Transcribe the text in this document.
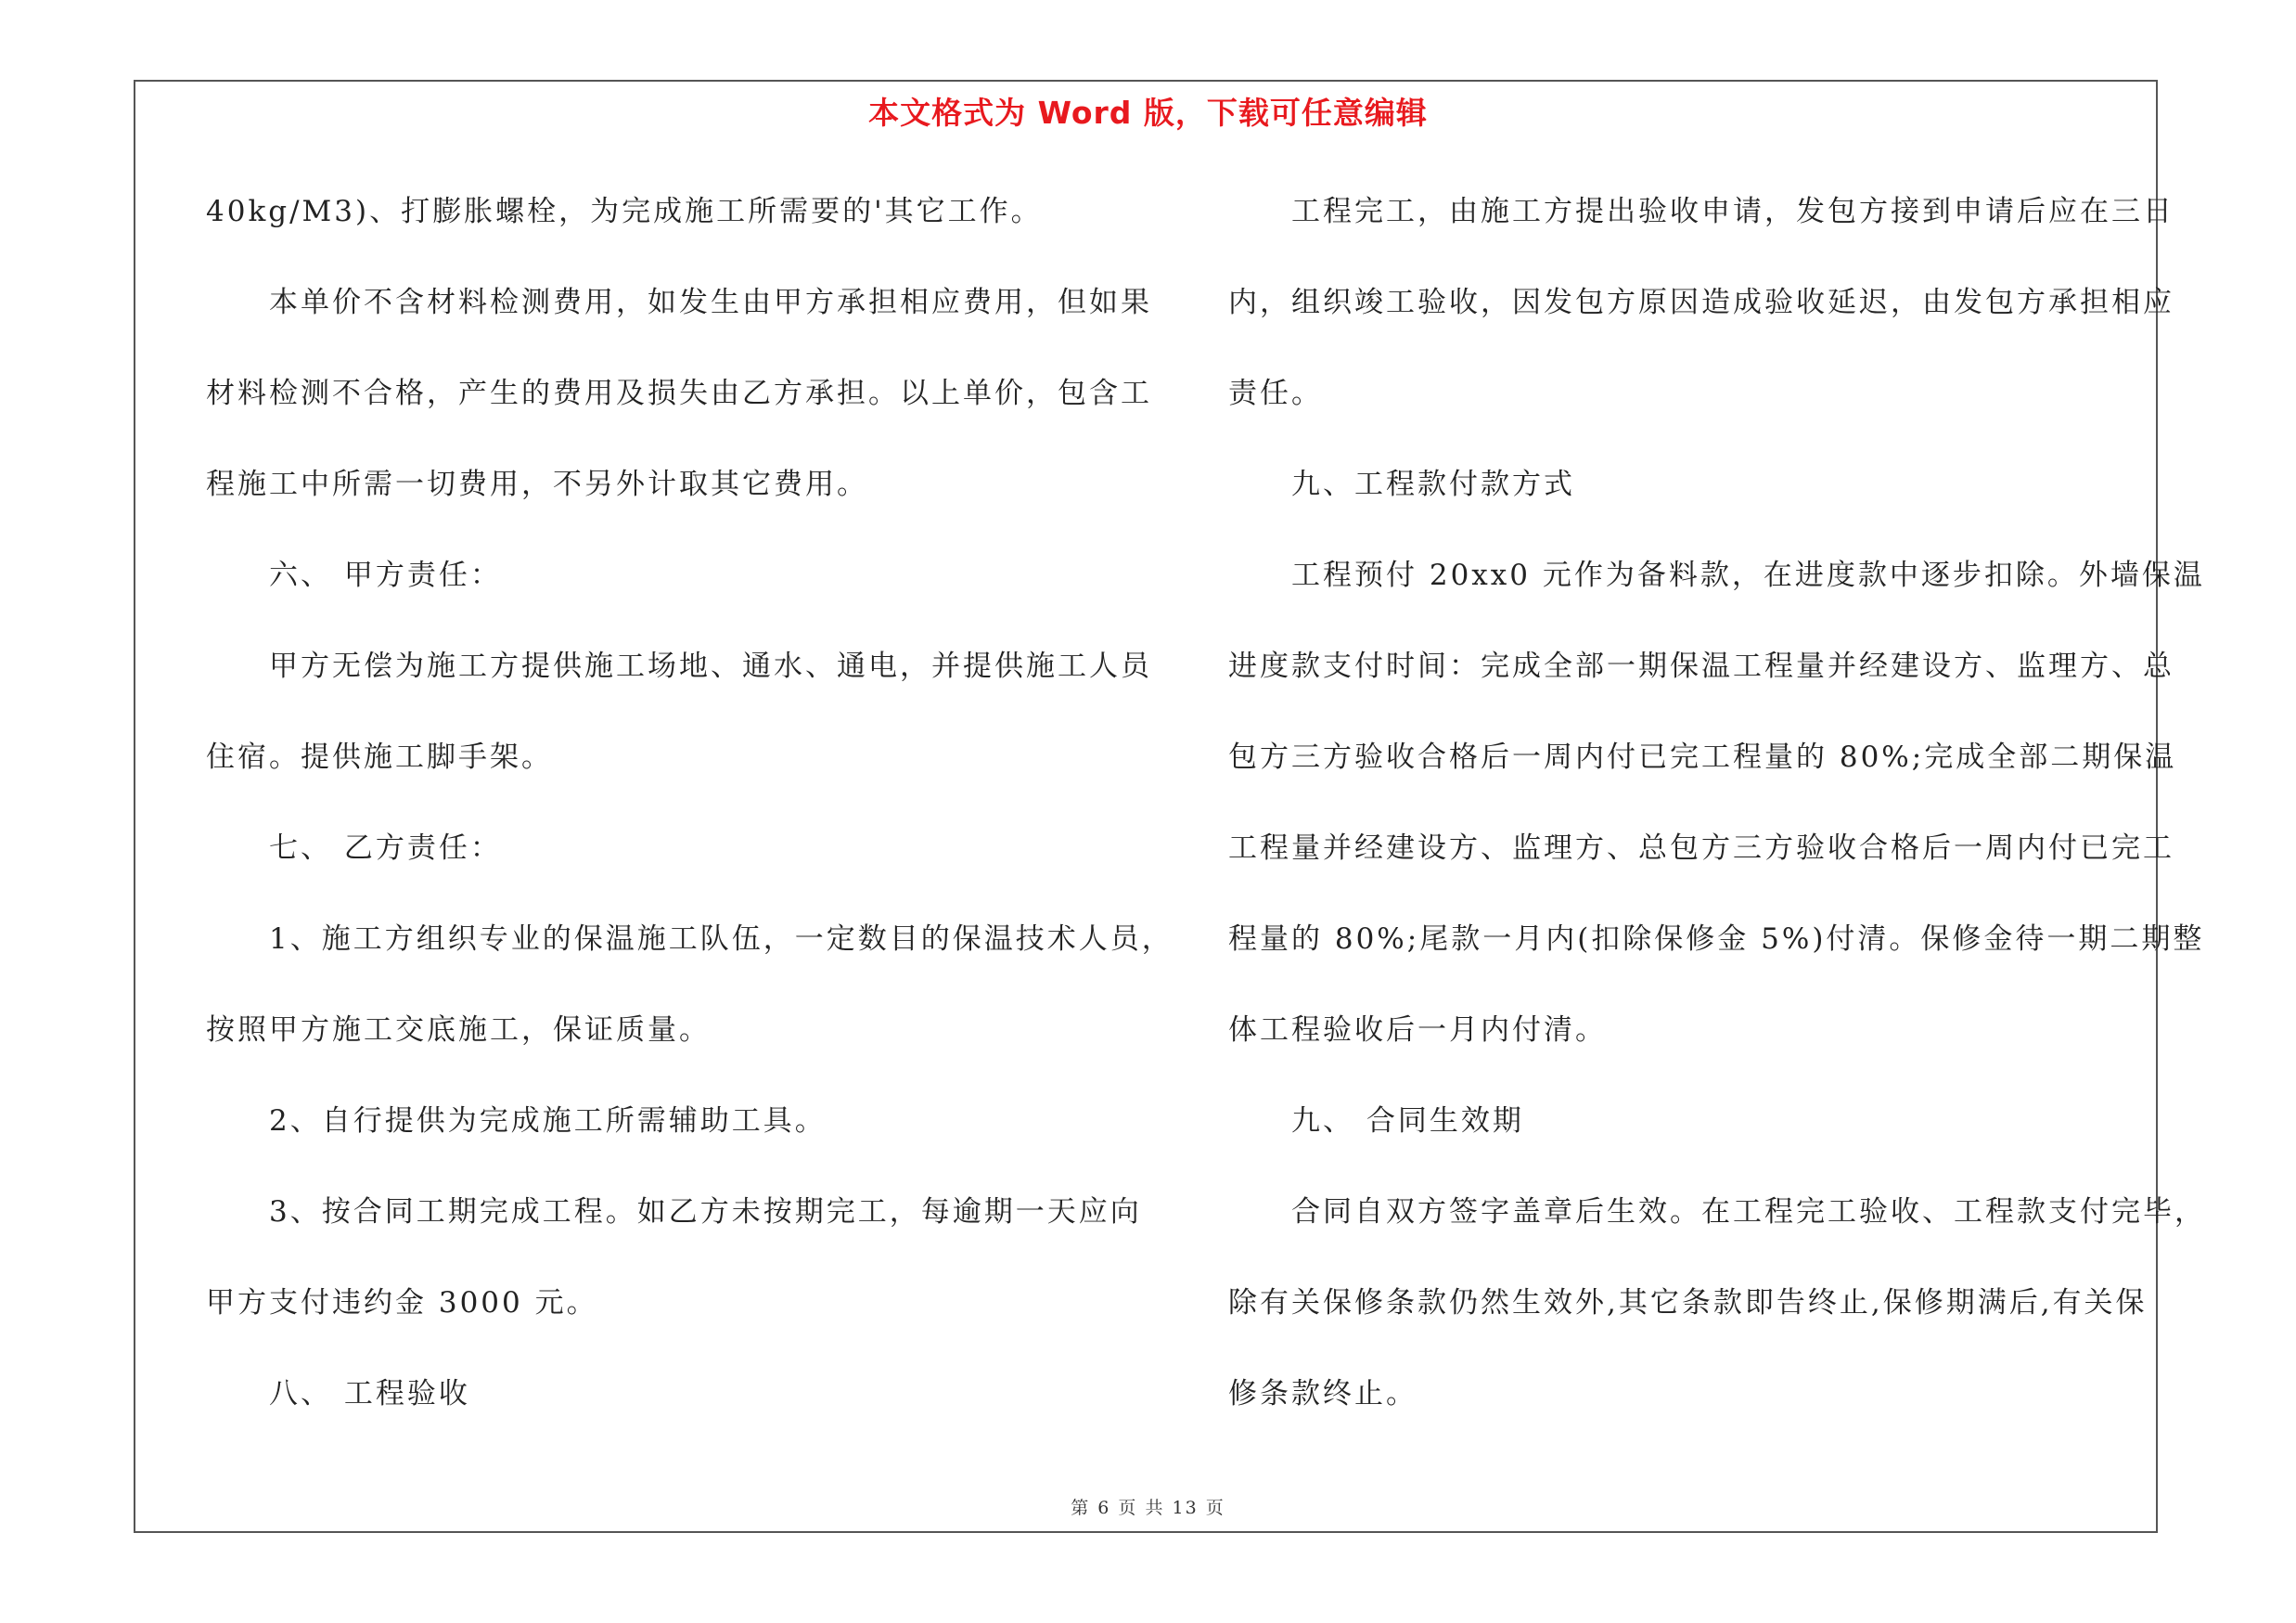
本文格式为 Word 版，下载可任意编辑
40kg/M3)、打膨胀螺栓，为完成施工所需要的'其它工作。
本单价不含材料检测费用，如发生由甲方承担相应费用，但如果
材料检测不合格，产生的费用及损失由乙方承担。以上单价，包含工
程施工中所需一切费用，不另外计取其它费用。
六、 甲方责任：
甲方无偿为施工方提供施工场地、通水、通电，并提供施工人员
住宿。提供施工脚手架。
七、 乙方责任：
1、施工方组织专业的保温施工队伍，一定数目的保温技术人员，
按照甲方施工交底施工，保证质量。
2、自行提供为完成施工所需辅助工具。
3、按合同工期完成工程。如乙方未按期完工，每逾期一天应向
甲方支付违约金 3000 元。
八、 工程验收
工程完工，由施工方提出验收申请，发包方接到申请后应在三日
内，组织竣工验收，因发包方原因造成验收延迟，由发包方承担相应
责任。
九、工程款付款方式
工程预付 20xx0 元作为备料款，在进度款中逐步扣除。外墙保温
进度款支付时间：完成全部一期保温工程量并经建设方、监理方、总
包方三方验收合格后一周内付已完工程量的 80%;完成全部二期保温
工程量并经建设方、监理方、总包方三方验收合格后一周内付已完工
程量的 80%;尾款一月内(扣除保修金 5%)付清。保修金待一期二期整
体工程验收后一月内付清。
九、 合同生效期
合同自双方签字盖章后生效。在工程完工验收、工程款支付完毕，
除有关保修条款仍然生效外,其它条款即告终止,保修期满后,有关保
修条款终止。
第 6 页 共 13 页
